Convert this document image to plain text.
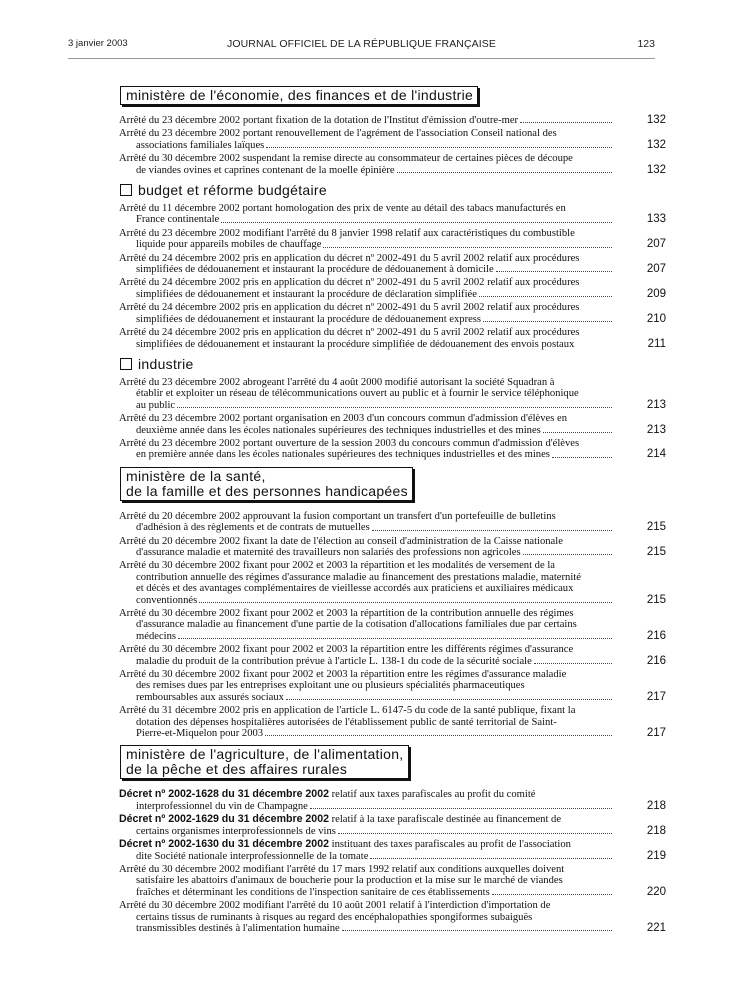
3 janvier 2003	JOURNAL OFFICIEL DE LA RÉPUBLIQUE FRANÇAISE	123
ministère de l'économie, des finances et de l'industrie
Arrêté du 23 décembre 2002 portant fixation de la dotation de l'Institut d'émission d'outre-mer	132
Arrêté du 23 décembre 2002 portant renouvellement de l'agrément de l'association Conseil national des
associations familiales laïques	132
Arrêté du 30 décembre 2002 suspendant la remise directe au consommateur de certaines pièces de découpe
de viandes ovines et caprines contenant de la moelle épinière	132
budget et réforme budgétaire
Arrêté du 11 décembre 2002 portant homologation des prix de vente au détail des tabacs manufacturés en
France continentale	133
Arrêté du 23 décembre 2002 modifiant l'arrêté du 8 janvier 1998 relatif aux caractéristiques du combustible
liquide pour appareils mobiles de chauffage	207
Arrêté du 24 décembre 2002 pris en application du décret nº 2002-491 du 5 avril 2002 relatif aux procédures
simplifiées de dédouanement et instaurant la procédure de dédouanement à domicile	207
Arrêté du 24 décembre 2002 pris en application du décret nº 2002-491 du 5 avril 2002 relatif aux procédures
simplifiées de dédouanement et instaurant la procédure de déclaration simplifiée	209
Arrêté du 24 décembre 2002 pris en application du décret nº 2002-491 du 5 avril 2002 relatif aux procédures
simplifiées de dédouanement et instaurant la procédure de dédouanement express	210
Arrêté du 24 décembre 2002 pris en application du décret nº 2002-491 du 5 avril 2002 relatif aux procédures
simplifiées de dédouanement et instaurant la procédure simplifiée de dédouanement des envois postaux	211
industrie
Arrêté du 23 décembre 2002 abrogeant l'arrêté du 4 août 2000 modifié autorisant la société Squadran à
établir et exploiter un réseau de télécommunications ouvert au public et à fournir le service téléphonique
au public	213
Arrêté du 23 décembre 2002 portant organisation en 2003 d'un concours commun d'admission d'élèves en
deuxième année dans les écoles nationales supérieures des techniques industrielles et des mines	213
Arrêté du 23 décembre 2002 portant ouverture de la session 2003 du concours commun d'admission d'élèves
en première année dans les écoles nationales supérieures des techniques industrielles et des mines	214
ministère de la santé,
de la famille et des personnes handicapées
Arrêté du 20 décembre 2002 approuvant la fusion comportant un transfert d'un portefeuille de bulletins
d'adhésion à des règlements et de contrats de mutuelles	215
Arrêté du 20 décembre 2002 fixant la date de l'élection au conseil d'administration de la Caisse nationale
d'assurance maladie et maternité des travailleurs non salariés des professions non agricoles	215
Arrêté du 30 décembre 2002 fixant pour 2002 et 2003 la répartition et les modalités de versement de la
contribution annuelle des régimes d'assurance maladie au financement des prestations maladie, maternité
et décès et des avantages complémentaires de vieillesse accordés aux praticiens et auxiliaires médicaux
conventionnés	215
Arrêté du 30 décembre 2002 fixant pour 2002 et 2003 la répartition de la contribution annuelle des régimes
d'assurance maladie au financement d'une partie de la cotisation d'allocations familiales due par certains
médecins	216
Arrêté du 30 décembre 2002 fixant pour 2002 et 2003 la répartition entre les différents régimes d'assurance
maladie du produit de la contribution prévue à l'article L. 138-1 du code de la sécurité sociale	216
Arrêté du 30 décembre 2002 fixant pour 2002 et 2003 la répartition entre les régimes d'assurance maladie
des remises dues par les entreprises exploitant une ou plusieurs spécialités pharmaceutiques
remboursables aux assurés sociaux	217
Arrêté du 31 décembre 2002 pris en application de l'article L. 6147-5 du code de la santé publique, fixant la
dotation des dépenses hospitalières autorisées de l'établissement public de santé territorial de Saint-
Pierre-et-Miquelon pour 2003	217
ministère de l'agriculture, de l'alimentation,
de la pêche et des affaires rurales
Décret nº 2002-1628 du 31 décembre 2002 relatif aux taxes parafiscales au profit du comité
interprofessionnel du vin de Champagne	218
Décret nº 2002-1629 du 31 décembre 2002 relatif à la taxe parafiscale destinée au financement de
certains organismes interprofessionnels de vins	218
Décret nº 2002-1630 du 31 décembre 2002 instituant des taxes parafiscales au profit de l'association
dite Société nationale interprofessionnelle de la tomate	219
Arrêté du 30 décembre 2002 modifiant l'arrêté du 17 mars 1992 relatif aux conditions auxquelles doivent
satisfaire les abattoirs d'animaux de boucherie pour la production et la mise sur le marché de viandes
fraîches et déterminant les conditions de l'inspection sanitaire de ces établissements	220
Arrêté du 30 décembre 2002 modifiant l'arrêté du 10 août 2001 relatif à l'interdiction d'importation de
certains tissus de ruminants à risques au regard des encéphalopathies spongiformes subaiguës
transmissibles destinés à l'alimentation humaine	221
